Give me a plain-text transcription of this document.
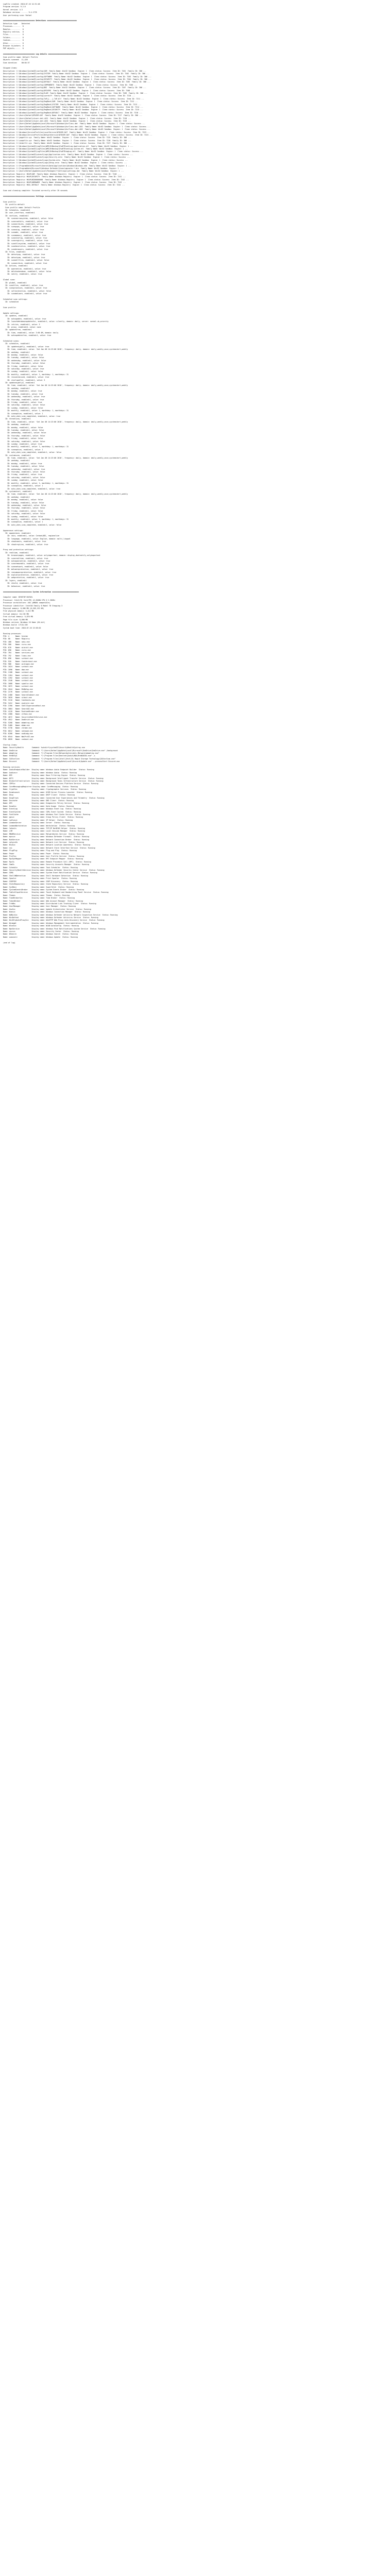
LogFile created: 2018-07-16 14:31:48
Program version: 9.2.0
Kernel version: 4.3
Database version: ...... 9.4.1778
User performing scan: Rafael
=============================== Detections =============================
Detection type    Detected
Processes........  0
Modules..........  0
Registry entries.  0
Files............  0
Folders..........  0
Cookies..........  0
Other............  0
Browser hijackers  0
PUP objects......  0
=============================== Log details ============================
Scan profile name: Default Profile
Objects scanned:  11,428
Scan duration:    00:04:37
Skipped items:
Description: C:\Windows\System32\config\SAM  Family Name: Win32 Sandbox  Engine: 1  Clean status: Success  Item ID: 7201  Family ID: 306 ...
Description: C:\Windows\System32\config\SYSTEM  Family Name: Win32 Sandbox  Engine: 1  Clean status: Success  Item ID: 7202  Family ID: 306 ...
Description: C:\Windows\System32\config\SOFTWARE  Family Name: Win32 Sandbox  Engine: 1  Clean status: Success  Item ID: 7203  Family ID: 306 ...
Description: C:\Windows\System32\config\SECURITY  Family Name: Win32 Sandbox  Engine: 1  Clean status: Success  Item ID: 7204  Family ID: 306 ...
Description: C:\Windows\System32\config\DEFAULT  Family Name: Win32 Sandbox  Engine: 1  Clean status: Success  Item ID: 7205  Family ID: 306 ...
Description: C:\Windows\System32\config\COMPONENTS  Family Name: Win32 Sandbox  Engine: 1  Clean status: Success  Item ID: 7206 ...
Description: C:\Windows\System32\config\BBI  Family Name: Win32 Sandbox  Engine: 1  Clean status: Success  Item ID: 7207  Family ID: 306 ...
Description: C:\Windows\System32\config\DRIVERS  Family Name: Win32 Sandbox  Engine: 1  Clean status: Success  Item ID: 7208 ...
Description: C:\Windows\System32\config\ELAM  Family Name: Win32 Sandbox  Engine: 1  Clean status: Success  Item ID: 7209  Family ID: 306 ...
Description: C:\Windows\System32\config\userdiff  Family Name: Win32 Sandbox  Engine: 1  Clean status: Success  Item ID: 7210 ...
Description: C:\Windows\System32\config\TxR\{...}.TxR.blf  Family Name: Win32 Sandbox  Engine: 1  Clean status: Success  Item ID: 7211 ...
Description: C:\Windows\System32\config\RegBack\SAM  Family Name: Win32 Sandbox  Engine: 1  Clean status: Success  Item ID: 7212 ...
Description: C:\Windows\System32\config\RegBack\SYSTEM  Family Name: Win32 Sandbox  Engine: 1  Clean status: Success  Item ID: 7213 ...
Description: C:\Windows\System32\config\RegBack\SOFTWARE  Family Name: Win32 Sandbox  Engine: 1  Clean status: Success  Item ID: 7214 ...
Description: C:\Windows\System32\config\RegBack\SECURITY  Family Name: Win32 Sandbox  Engine: 1  Clean status: Success  Item ID: 7215 ...
Description: C:\Windows\System32\config\RegBack\DEFAULT  Family Name: Win32 Sandbox  Engine: 1  Clean status: Success  Item ID: 7216 ...
Description: C:\Users\Rafael\NTUSER.DAT  Family Name: Win32 Sandbox  Engine: 1  Clean status: Success  Item ID: 7217  Family ID: 306 ...
Description: C:\Users\Rafael\ntuser.dat.LOG1  Family Name: Win32 Sandbox  Engine: 1  Clean status: Success  Item ID: 7218 ...
Description: C:\Users\Rafael\ntuser.dat.LOG2  Family Name: Win32 Sandbox  Engine: 1  Clean status: Success  Item ID: 7219 ...
Description: C:\Users\Rafael\AppData\Local\Microsoft\Windows\UsrClass.dat  Family Name: Win32 Sandbox  Engine: 1  Clean status: Success ...
Description: C:\Users\Rafael\AppData\Local\Microsoft\Windows\UsrClass.dat.LOG1  Family Name: Win32 Sandbox  Engine: 1  Clean status: Success ...
Description: C:\Users\Rafael\AppData\Local\Microsoft\Windows\UsrClass.dat.LOG2  Family Name: Win32 Sandbox  Engine: 1  Clean status: Success ...
Description: C:\Windows\ServiceProfiles\LocalService\NTUSER.DAT  Family Name: Win32 Sandbox  Engine: 1  Clean status: Success  Item ID: 7223 ...
Description: C:\Windows\ServiceProfiles\NetworkService\NTUSER.DAT  Family Name: Win32 Sandbox  Engine: 1  Clean status: Success  Item ID: 7224 ...
Description: C:\pagefile.sys  Family Name: Win32 Sandbox  Engine: 1  Clean status: Success  Item ID: 7225  Family ID: 306 ...
Description: C:\swapfile.sys  Family Name: Win32 Sandbox  Engine: 1  Clean status: Success  Item ID: 7226  Family ID: 306 ...
Description: C:\hiberfil.sys  Family Name: Win32 Sandbox  Engine: 1  Clean status: Success  Item ID: 7227  Family ID: 306 ...
Description: C:\Windows\System32\LogFiles\WMI\RtBackup\EtwRTEventLog-Application.etl  Family Name: Win32 Sandbox  Engine: 1 ...
Description: C:\Windows\System32\LogFiles\WMI\RtBackup\EtwRTEventLog-System.etl  Family Name: Win32 Sandbox  Engine: 1 ...
Description: C:\Windows\System32\LogFiles\WMI\RtBackup\EtwRTDiagLog.etl  Family Name: Win32 Sandbox  Engine: 1  Clean status: Success ...
Description: C:\Windows\System32\winevt\Logs\Application.evtx  Family Name: Win32 Sandbox  Engine: 1  Clean status: Success ...
Description: C:\Windows\System32\winevt\Logs\Security.evtx  Family Name: Win32 Sandbox  Engine: 1  Clean status: Success ...
Description: C:\Windows\System32\winevt\Logs\System.evtx  Family Name: Win32 Sandbox  Engine: 1  Clean status: Success ...
Description: C:\Windows\System32\winevt\Logs\Setup.evtx  Family Name: Win32 Sandbox  Engine: 1  Clean status: Success ...
Description: C:\ProgramData\Microsoft\Search\Data\Applications\Windows\Windows.edb  Family Name: Win32 Sandbox  Engine: 1 ...
Description: C:\ProgramData\Microsoft\Windows Defender\Scans\mpcache-*.bin  Family Name: Win32 Sandbox  Engine: 1 ...
Description: C:\Users\Rafael\AppData\Local\Packages\*\Settings\settings.dat  Family Name: Win32 Sandbox  Engine: 1 ...
Description: Registry: HKLM\SAM  Family Name: Windows Registry  Engine: 1  Clean status: Success  Item ID: 7240 ...
Description: Registry: HKLM\SECURITY  Family Name: Windows Registry  Engine: 1  Clean status: Success  Item ID: 7241 ...
Description: Registry: HKLM\BCD00000000  Family Name: Windows Registry  Engine: 1  Clean status: Success  Item ID: 7242 ...
Description: Registry: HKLM\HARDWARE  Family Name: Windows Registry  Engine: 1  Clean status: Success  Item ID: 7243 ...
Description: Registry: HKU\.DEFAULT  Family Name: Windows Registry  Engine: 1  Clean status: Success  Item ID: 7244 ...
Scan and cleaning complete: Finished correctly after 39 seconds
=============================== Settings ===============================
Scan profile:
ID: profile.default
Scan profile name: Default Profile
ID: Schedules, enabled=0
ID: user_interface, enabled=1
ID: sections, enabled=1
ID: scannarrowsystem, enabled=1, value: false
ID: scanrootkits, enabled=1, value: true
ID: scanarchives, enabled=1, value: true
ID: scanpups, enabled=1, value: true
ID: scanning, enabled=1, value: true
ID: scanmbr, enabled=1, value: true
ID: scanmemory, enabled=1, value: true
ID: scanstartup, enabled=1, value: true
ID: scanregistry, enabled=1, value: true
ID: scanfilesystem, enabled=1, value: true
ID: scanheuristics, enabled=1, value: true
ID: scanbrowsers, enabled=1, value: true
ID: Files, enabled=1
ID: detectpup, enabled=1, value: true
ID: detectpum, enabled=1, value: true
ID: scanallfiles, enabled=1, value: false
ID: scanarchive, enabled=1, value: true
ID: Actions, enabled=1
ID: quarantine, enabled=1, value: true
ID: deletewhendone, enabled=1, value: false
ID: notify, enabled=1, value: true
Global scan:
ID: global, enabled=1
ID: scanfiles, enabled=1, value: true
ID: scanprocesses, enabled=1, value: true
ID: selfprotection, enabled=1, value: false
ID: scanmalware, enabled=1, value: true
Scheduled scan settings:
ID: scheduled
Scan profile:
Update settings:
ID: updates, enabled=1
ID: autoupdate, enabled=1, value: true
ID: launchdatabaseupdatesfor, enabled=1, value: silently, domain: daily, server: normal.uk,priority
ID: retries, enabled=1, value: 3
ID: proxy, enabled=0, value: none
ID: updatesfree, enabled=1
ID: time, enabled=1, value: 3:00 AM, domain: daily
ID: autoupdatesfree, enabled=1, value: true
Scheduled scans:
ID: schedules, enabled=1
ID: updatenightly, enabled=1, value: true
ID: time, enabled=1, value: 'Sat Jan 06 14:23:00 2018', frequency: daily, domain: daily,weekly,once,systemstart,weekly
ID: weekday, enabled=1
ID: monday, enabled=1, value: false
ID: tuesday, enabled=1, value: false
ID: wednesday, enabled=1, value: false
ID: thursday, enabled=1, value: false
ID: friday, enabled=1, value: false
ID: saturday, enabled=1, value: true
ID: sunday, enabled=1, value: false
ID: monthly, enabled=1, value: 1, monthday: 1, monthdays: 31
ID: recovermissed, enabled=1, value: true
ID: startupafter, enabled=1, value: 5
ID: updatenightly2, enabled=1
ID: time, enabled=1, value: 'Sat Jan 06 14:23:00 2018', frequency: daily, domain: daily,weekly,once,systemstart,weekly
ID: weekday, enabled=1
ID: monday, enabled=1, value: true
ID: tuesday, enabled=1, value: true
ID: wednesday, enabled=1, value: true
ID: thursday, enabled=1, value: true
ID: friday, enabled=1, value: true
ID: saturday, enabled=1, value: false
ID: sunday, enabled=1, value: false
ID: monthly, enabled=1, value: 1, monthday: 1, monthdays: 31
ID: scanoption, enabled=1, value: 1
ID: auto_when_scan_completed, enabled=1, value: true
ID: threatscan, enabled=1
ID: time, enabled=1, value: 'Sat Jan 06 14:23:00 2018', frequency: daily, domain: daily,weekly,once,systemstart,weekly
ID: weekday, enabled=1
ID: monday, enabled=1, value: false
ID: tuesday, enabled=1, value: false
ID: wednesday, enabled=1, value: false
ID: thursday, enabled=1, value: false
ID: friday, enabled=1, value: false
ID: saturday, enabled=1, value: false
ID: sunday, enabled=1, value: true
ID: monthly, enabled=1, value: 1, monthday: 1, monthdays: 31
ID: scanoption, enabled=1, value: 1
ID: auto_when_scan_completed, enabled=1, value: false
ID: customscan, enabled=1
ID: time, enabled=1, value: 'Sat Jan 06 14:23:00 2018', frequency: daily, domain: daily,weekly,once,systemstart,weekly
ID: weekday, enabled=1
ID: monday, enabled=1, value: true
ID: tuesday, enabled=1, value: false
ID: wednesday, enabled=1, value: true
ID: thursday, enabled=1, value: false
ID: friday, enabled=1, value: true
ID: saturday, enabled=1, value: false
ID: sunday, enabled=1, value: false
ID: monthly, enabled=1, value: 1, monthday: 1, monthdays: 31
ID: scanoption, enabled=1, value: 1
ID: auto_when_scan_completed, enabled=1, value: true
ID: systemstart, enabled=1
ID: time, enabled=1, value: 'Sat Jan 06 14:23:00 2018', frequency: daily, domain: daily,weekly,once,systemstart,weekly
ID: weekday, enabled=1
ID: monday, enabled=1, value: false
ID: tuesday, enabled=1, value: false
ID: wednesday, enabled=1, value: false
ID: thursday, enabled=1, value: false
ID: friday, enabled=1, value: false
ID: saturday, enabled=1, value: false
ID: sunday, enabled=1, value: false
ID: monthly, enabled=1, value: 1, monthday: 1, monthdays: 31
ID: scanoption, enabled=1, value: 1
ID: auto_when_scan_completed, enabled=1, value: false
Appearance settings:
ID: appearance, enabled=1
ID: skin, enabled=1, value: CarbonLAB2, regionalize
ID: language, enabled=1, value: English, domain: multi_lingual
ID: showtoasts, enabled=1, value: true
ID: showtrayicon, enabled=1, value: true
Proxy and protection settings:
ID: realtime, enabled=1
ID: browserpages, enabled=1, value: onlyimportant, domain: display,dontnotify,onlyimportant
ID: scanrealtime, enabled=1, value: true
ID: autoquarantine, enabled=1, value: true
ID: scanremovable, enabled=1, value: true
ID: scannetwork, enabled=1, value: false
ID: malwareprotection, enabled=1, value: true
ID: ransomwareprotection, enabled=1, value: true
ID: exploitprotection, enabled=1, value: true
ID: webprotection, enabled=1, value: true
ID: layers, enabled=1
ID: shield, enabled=1, value: true
ID: behaviour, enabled=1, value: true
============================ System information ==========================
Computer name: DESKTOP-RAFAEL
Processor: Intel(R) Core(TM) i5-6200U CPU @ 2.30GHz
Processor architecture: x64 (AMD64 compatible)
Processor identifier: Intel64 Family 6 Model 78 Stepping 3
Physical memory: 8,096 MB (8,258,132 KB)
Free physical memory: 3,412 MB
Virtual memory: 16,192 MB
Free virtual memory: 9,876 MB
Page file size: 8,096 MB
Windows version: Windows 10 Home (64-bit)
Windows build: 17134.165
System boot time: 2018-07-16 13:58:02
Running processes:
PID: 4      Name: System
PID: 88     Name: Registry
PID: 408    Name: smss.exe
PID: 580    Name: csrss.exe
PID: 676    Name: wininit.exe
PID: 696    Name: csrss.exe
PID: 784    Name: services.exe
PID: 792    Name: lsass.exe
PID: 896    Name: svchost.exe
PID: 920    Name: fontdrvhost.exe
PID: 988    Name: winlogon.exe
PID: 1024   Name: svchost.exe
PID: 1096   Name: dwm.exe
PID: 1188   Name: svchost.exe
PID: 1264   Name: svchost.exe
PID: 1392   Name: svchost.exe
PID: 1540   Name: svchost.exe
PID: 1688   Name: spoolsv.exe
PID: 1872   Name: svchost.exe
PID: 2044   Name: MsMpEng.exe
PID: 2276   Name: svchost.exe
PID: 2488   Name: SearchIndexer.exe
PID: 3020   Name: sihost.exe
PID: 3116   Name: taskhostw.exe
PID: 3412   Name: explorer.exe
PID: 3760   Name: ShellExperienceHost.exe
PID: 3884   Name: SearchUI.exe
PID: 4120   Name: RuntimeBroker.exe
PID: 4388   Name: ctfmon.exe
PID: 4672   Name: SecurityHealthService.exe
PID: 4912   Name: OneDrive.exe
PID: 5208   Name: mbamtray.exe
PID: 5460   Name: mbam.exe
PID: 5736   Name: chrome.exe
PID: 6012   Name: notepad.exe
PID: 6288   Name: audiodg.exe
PID: 6544   Name: WmiPrvSE.exe
PID: 6820   Name: conhost.exe
Startup items:
Name: SecurityHealth        Command: %windir%\system32\SecurityHealthSystray.exe
Name: OneDrive              Command: "C:\Users\Rafael\AppData\Local\Microsoft\OneDrive\OneDrive.exe" /background
Name: mbamtray              Command: "C:\Program Files\Malwarebytes\Anti-Malware\mbamtray.exe"
Name: RtHDVCpl              Command: "C:\Program Files\Realtek\Audio\HDA\RtkNGUI64.exe" -s
Name: IAStorIcon            Command: "C:\Program Files\Intel\Intel(R) Rapid Storage Technology\IAStorIcon.exe"
Name: Discord               Command: "C:\Users\Rafael\AppData\Local\Discord\Update.exe" --processStart Discord.exe
Running services:
Name: AudioEndpointBuilder  Display name: Windows Audio Endpoint Builder  Status: Running
Name: Audiosrv              Display name: Windows Audio  Status: Running
Name: BFE                   Display name: Base Filtering Engine  Status: Running
Name: BITS                  Display name: Background Intelligent Transfer Service  Status: Running
Name: BrokerInfrastructure  Display name: Background Tasks Infrastructure Service  Status: Running
Name: CDPSvc                Display name: Connected Devices Platform Service  Status: Running
Name: CoreMessagingRegistrar Display name: CoreMessaging  Status: Running
Name: CryptSvc              Display name: Cryptographic Services  Status: Running
Name: DcomLaunch            Display name: DCOM Server Process Launcher  Status: Running
Name: Dhcp                  Display name: DHCP Client  Status: Running
Name: DiagTrack             Display name: Connected User Experiences and Telemetry  Status: Running
Name: Dnscache              Display name: DNS Client  Status: Running
Name: DPS                   Display name: Diagnostic Policy Service  Status: Running
Name: DusmSvc               Display name: Data Usage  Status: Running
Name: EventLog              Display name: Windows Event Log  Status: Running
Name: EventSystem           Display name: COM+ Event System  Status: Running
Name: FontCache             Display name: Windows Font Cache Service  Status: Running
Name: gpsvc                 Display name: Group Policy Client  Status: Running
Name: iphlpsvc              Display name: IP Helper  Status: Running
Name: LanmanServer          Display name: Server  Status: Running
Name: LanmanWorkstation     Display name: Workstation  Status: Running
Name: lmhosts               Display name: TCP/IP NetBIOS Helper  Status: Running
Name: LSM                   Display name: Local Session Manager  Status: Running
Name: MBAMService           Display name: Malwarebytes Service  Status: Running
Name: mpssvc                Display name: Windows Defender Firewall  Status: Running
Name: NcbService            Display name: Network Connection Broker  Status: Running
Name: netprofm              Display name: Network List Service  Status: Running
Name: NlaSvc                Display name: Network Location Awareness  Status: Running
Name: nsi                   Display name: Network Store Interface Service  Status: Running
Name: PlugPlay              Display name: Plug and Play  Status: Running
Name: Power                 Display name: Power  Status: Running
Name: ProfSvc               Display name: User Profile Service  Status: Running
Name: RpcEptMapper          Display name: RPC Endpoint Mapper  Status: Running
Name: RpcSs                 Display name: Remote Procedure Call (RPC)  Status: Running
Name: SamSs                 Display name: Security Accounts Manager  Status: Running
Name: Schedule              Display name: Task Scheduler  Status: Running
Name: SecurityHealthService Display name: Windows Defender Security Center Service  Status: Running
Name: SENS                  Display name: System Event Notification Service  Status: Running
Name: ShellHWDetection      Display name: Shell Hardware Detection  Status: Running
Name: Spooler               Display name: Print Spooler  Status: Running
Name: SSDPSRV               Display name: SSDP Discovery  Status: Running
Name: StateRepository       Display name: State Repository Service  Status: Running
Name: SysMain               Display name: Superfetch  Status: Running
Name: SystemEventsBroker    Display name: System Events Broker  Status: Running
Name: TabletInputService    Display name: Touch Keyboard and Handwriting Panel Service  Status: Running
Name: Themes                Display name: Themes  Status: Running
Name: TimeBrokerSvc         Display name: Time Broker  Status: Running
Name: TokenBroker           Display name: Web Account Manager  Status: Running
Name: TrkWks                Display name: Distributed Link Tracking Client  Status: Running
Name: UserManager           Display name: User Manager  Status: Running
Name: UsoSvc                Display name: Update Orchestrator Service  Status: Running
Name: Wcmsvc                Display name: Windows Connection Manager  Status: Running
Name: WdNisSvc              Display name: Windows Defender Antivirus Network Inspection Service  Status: Running
Name: WinDefend             Display name: Windows Defender Antivirus Service  Status: Running
Name: WinHttpAutoProxySvc   Display name: WinHTTP Web Proxy Auto-Discovery Service  Status: Running
Name: Winmgmt               Display name: Windows Management Instrumentation  Status: Running
Name: WlanSvc               Display name: WLAN AutoConfig  Status: Running
Name: WpnService            Display name: Windows Push Notifications System Service  Status: Running
Name: wscsvc                Display name: Security Center  Status: Running
Name: WSearch               Display name: Windows Search  Status: Running
Name: wuauserv              Display name: Windows Update  Status: Running
(end of log)
